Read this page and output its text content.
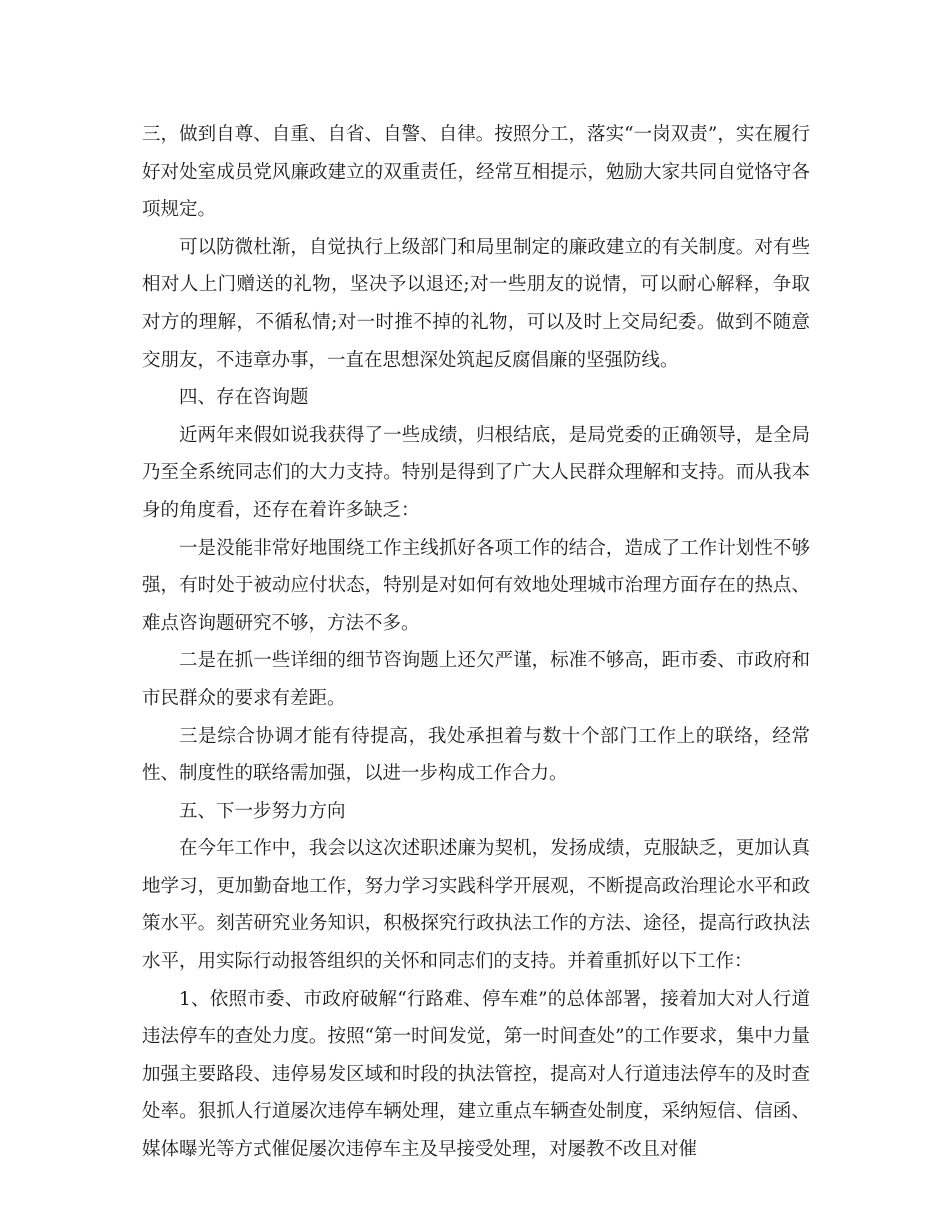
三，做到自尊、自重、自省、自警、自律。按照分工，落实“一岗双责”，实在履行好对处室成员党风廉政建立的双重责任，经常互相提示，勉励大家共同自觉恪守各项规定。

可以防微杜渐，自觉执行上级部门和局里制定的廉政建立的有关制度。对有些相对人上门赠送的礼物，坚决予以退还;对一些朋友的说情，可以耐心解释，争取对方的理解，不循私情;对一时推不掉的礼物，可以及时上交局纪委。做到不随意交朋友，不违章办事，一直在思想深处筑起反腐倡廉的坚强防线。

四、存在咨询题

近两年来假如说我获得了一些成绩，归根结底，是局党委的正确领导，是全局乃至全系统同志们的大力支持。特别是得到了广大人民群众理解和支持。而从我本身的角度看，还存在着许多缺乏：

一是没能非常好地围绕工作主线抓好各项工作的结合，造成了工作计划性不够强，有时处于被动应付状态，特别是对如何有效地处理城市治理方面存在的热点、难点咨询题研究不够，方法不多。

二是在抓一些详细的细节咨询题上还欠严谨，标准不够高，距市委、市政府和市民群众的要求有差距。

三是综合协调才能有待提高，我处承担着与数十个部门工作上的联络，经常性、制度性的联络需加强，以进一步构成工作合力。

五、下一步努力方向

在今年工作中，我会以这次述职述廉为契机，发扬成绩，克服缺乏，更加认真地学习，更加勤奋地工作，努力学习实践科学开展观，不断提高政治理论水平和政策水平。刻苦研究业务知识，积极探究行政执法工作的方法、途径，提高行政执法水平，用实际行动报答组织的关怀和同志们的支持。并着重抓好以下工作：

1、依照市委、市政府破解“行路难、停车难”的总体部署，接着加大对人行道违法停车的查处力度。按照“第一时间发觉，第一时间查处”的工作要求，集中力量加强主要路段、违停易发区域和时段的执法管控，提高对人行道违法停车的及时查处率。狠抓人行道屡次违停车辆处理，建立重点车辆查处制度，采纳短信、信函、媒体曝光等方式催促屡次违停车主及早接受处理，对屡教不改且对催
